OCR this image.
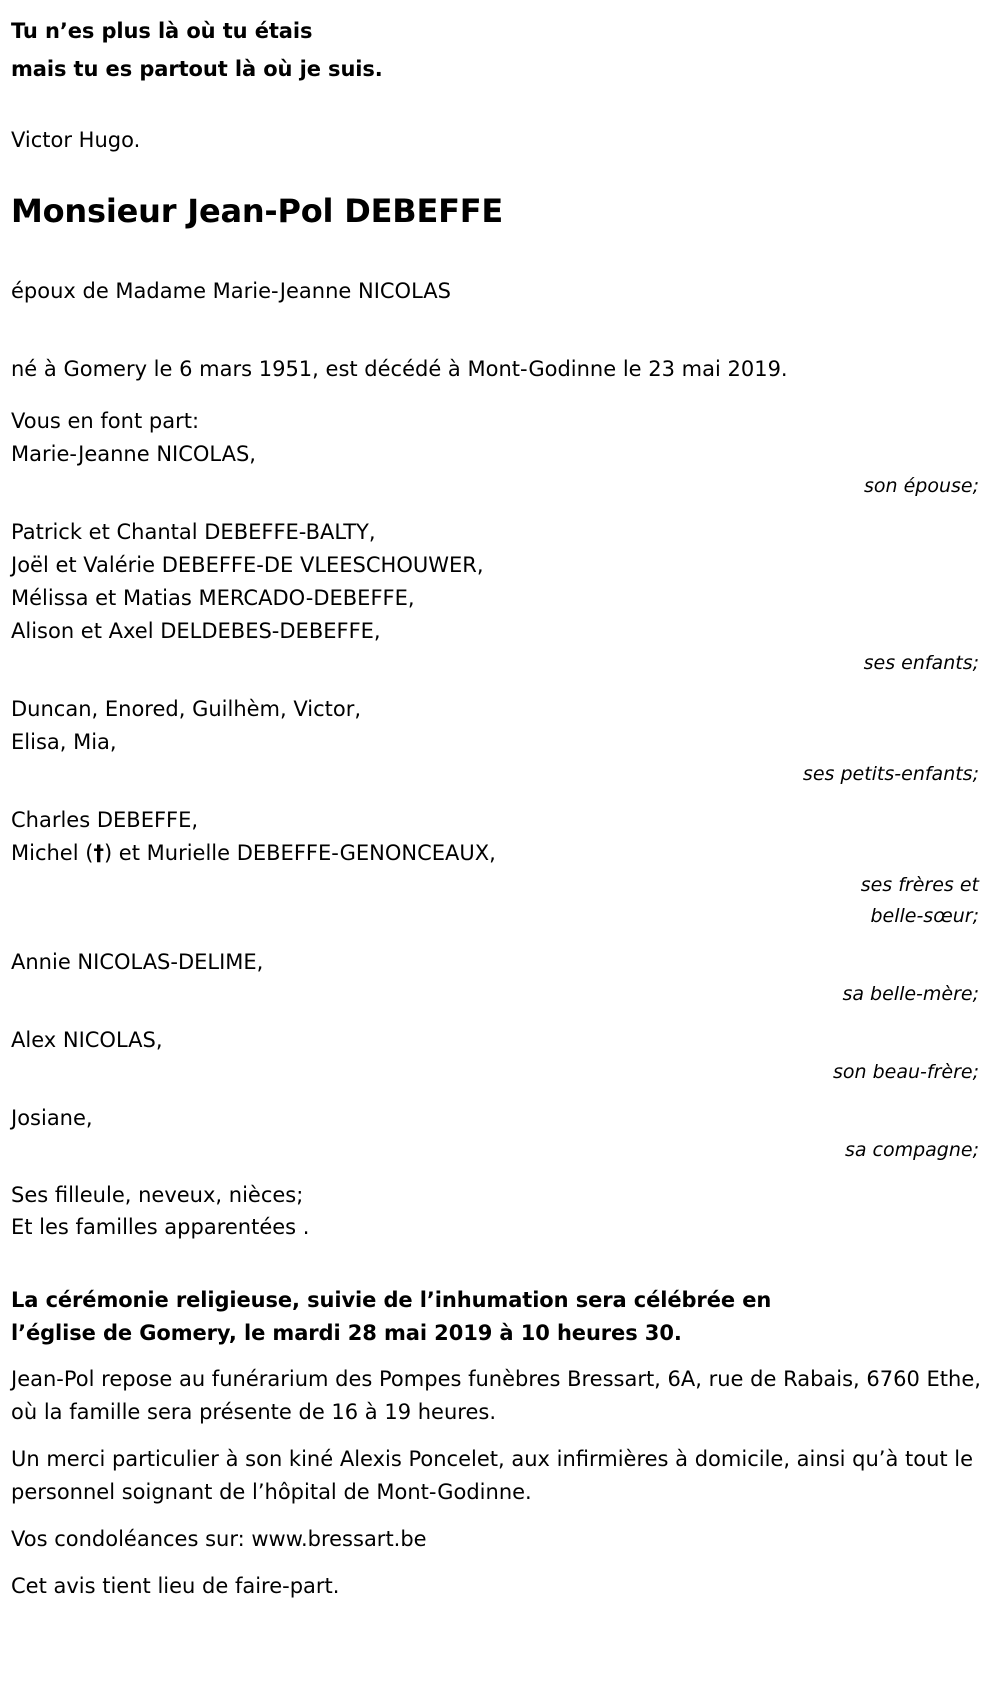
Tu n’es plus là où tu étais
mais tu es partout là où je suis.
Victor Hugo.
Monsieur Jean-Pol DEBEFFE
époux de Madame Marie-Jeanne NICOLAS
né à Gomery le 6 mars 1951, est décédé à Mont-Godinne le 23 mai 2019.
Vous en font part:
Marie-Jeanne NICOLAS,
son épouse;
Patrick et Chantal DEBEFFE-BALTY,
Joël et Valérie DEBEFFE-DE VLEESCHOUWER,
Mélissa et Matias MERCADO-DEBEFFE,
Alison et Axel DELDEBES-DEBEFFE,
ses enfants;
Duncan, Enored, Guilhèm, Victor,
Elisa, Mia,
ses petits-enfants;
Charles DEBEFFE,
Michel (†) et Murielle DEBEFFE-GENONCEAUX,
ses frères et
belle-sœur;
Annie NICOLAS-DELIME,
sa belle-mère;
Alex NICOLAS,
son beau-frère;
Josiane,
sa compagne;
Ses filleule, neveux, nièces;
Et les familles apparentées .
La cérémonie religieuse, suivie de l’inhumation sera célébrée en
l’église de Gomery, le mardi 28 mai 2019 à 10 heures 30.
Jean-Pol repose au funérarium des Pompes funèbres Bressart, 6A, rue de Rabais, 6760 Ethe, où la famille sera présente de 16 à 19 heures.
Un merci particulier à son kiné Alexis Poncelet, aux infirmières à domicile, ainsi qu’à tout le personnel soignant de l’hôpital de Mont-Godinne.
Vos condoléances sur: www.bressart.be
Cet avis tient lieu de faire-part.
